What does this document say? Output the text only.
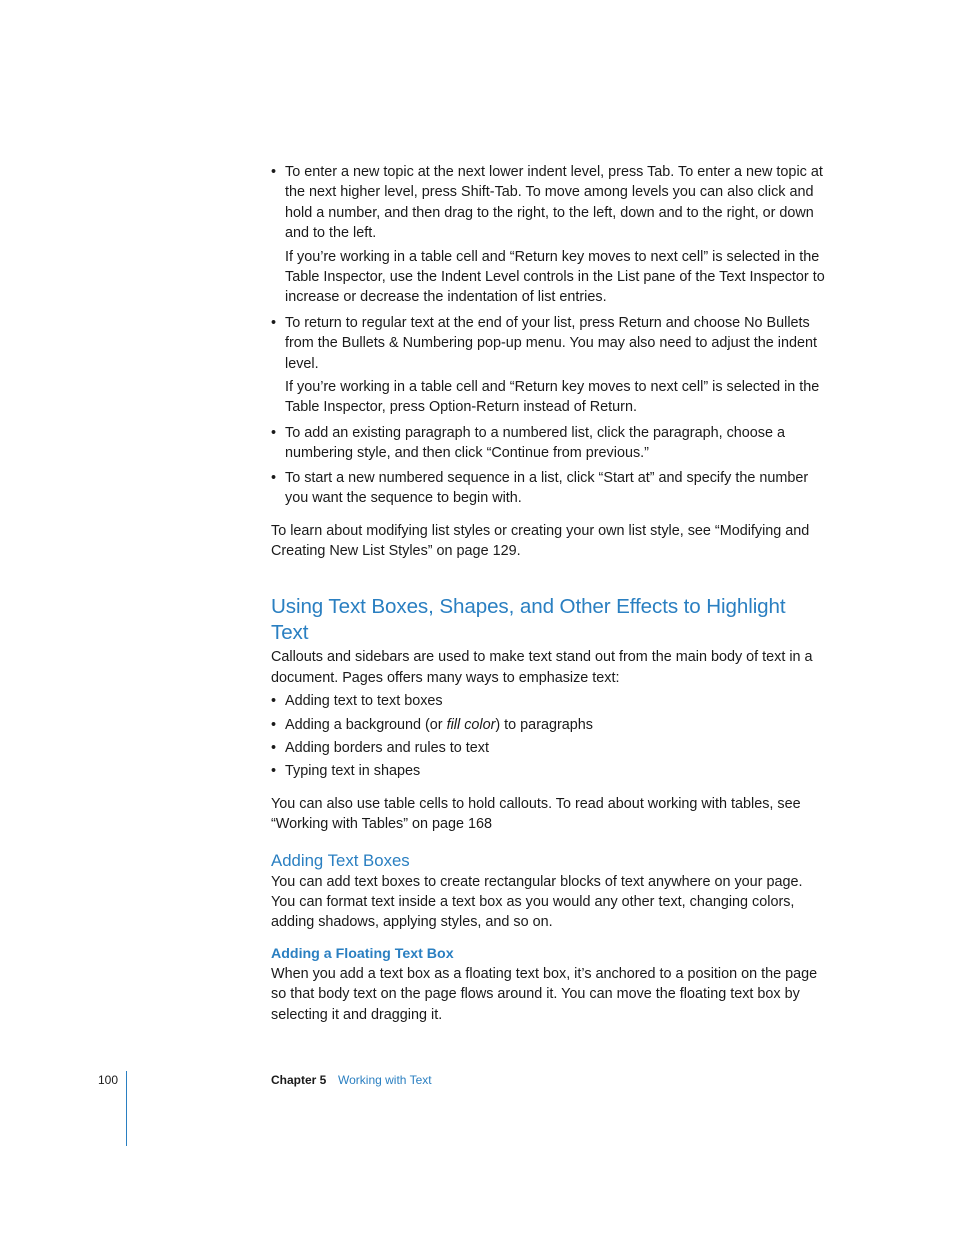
• To enter a new topic at the next lower indent level, press Tab. To enter a new topic at the next higher level, press Shift-Tab. To move among levels you can also click and hold a number, and then drag to the right, to the left, down and to the right, or down and to the left.
If you’re working in a table cell and “Return key moves to next cell” is selected in the Table Inspector, use the Indent Level controls in the List pane of the Text Inspector to increase or decrease the indentation of list entries.
• To return to regular text at the end of your list, press Return and choose No Bullets from the Bullets & Numbering pop-up menu. You may also need to adjust the indent level.
If you’re working in a table cell and “Return key moves to next cell” is selected in the Table Inspector, press Option-Return instead of Return.
• To add an existing paragraph to a numbered list, click the paragraph, choose a numbering style, and then click “Continue from previous.”
• To start a new numbered sequence in a list, click “Start at” and specify the number you want the sequence to begin with.

To learn about modifying list styles or creating your own list style, see “Modifying and Creating New List Styles” on page 129.

Using Text Boxes, Shapes, and Other Effects to Highlight Text

Callouts and sidebars are used to make text stand out from the main body of text in a document. Pages offers many ways to emphasize text:

• Adding text to text boxes
• Adding a background (or fill color) to paragraphs
• Adding borders and rules to text
• Typing text in shapes

You can also use table cells to hold callouts. To read about working with tables, see “Working with Tables” on page 168

Adding Text Boxes

You can add text boxes to create rectangular blocks of text anywhere on your page. You can format text inside a text box as you would any other text, changing colors, adding shadows, applying styles, and so on.

Adding a Floating Text Box

When you add a text box as a floating text box, it’s anchored to a position on the page so that body text on the page flows around it. You can move the floating text box by selecting it and dragging it.

100	Chapter 5 Working with Text
